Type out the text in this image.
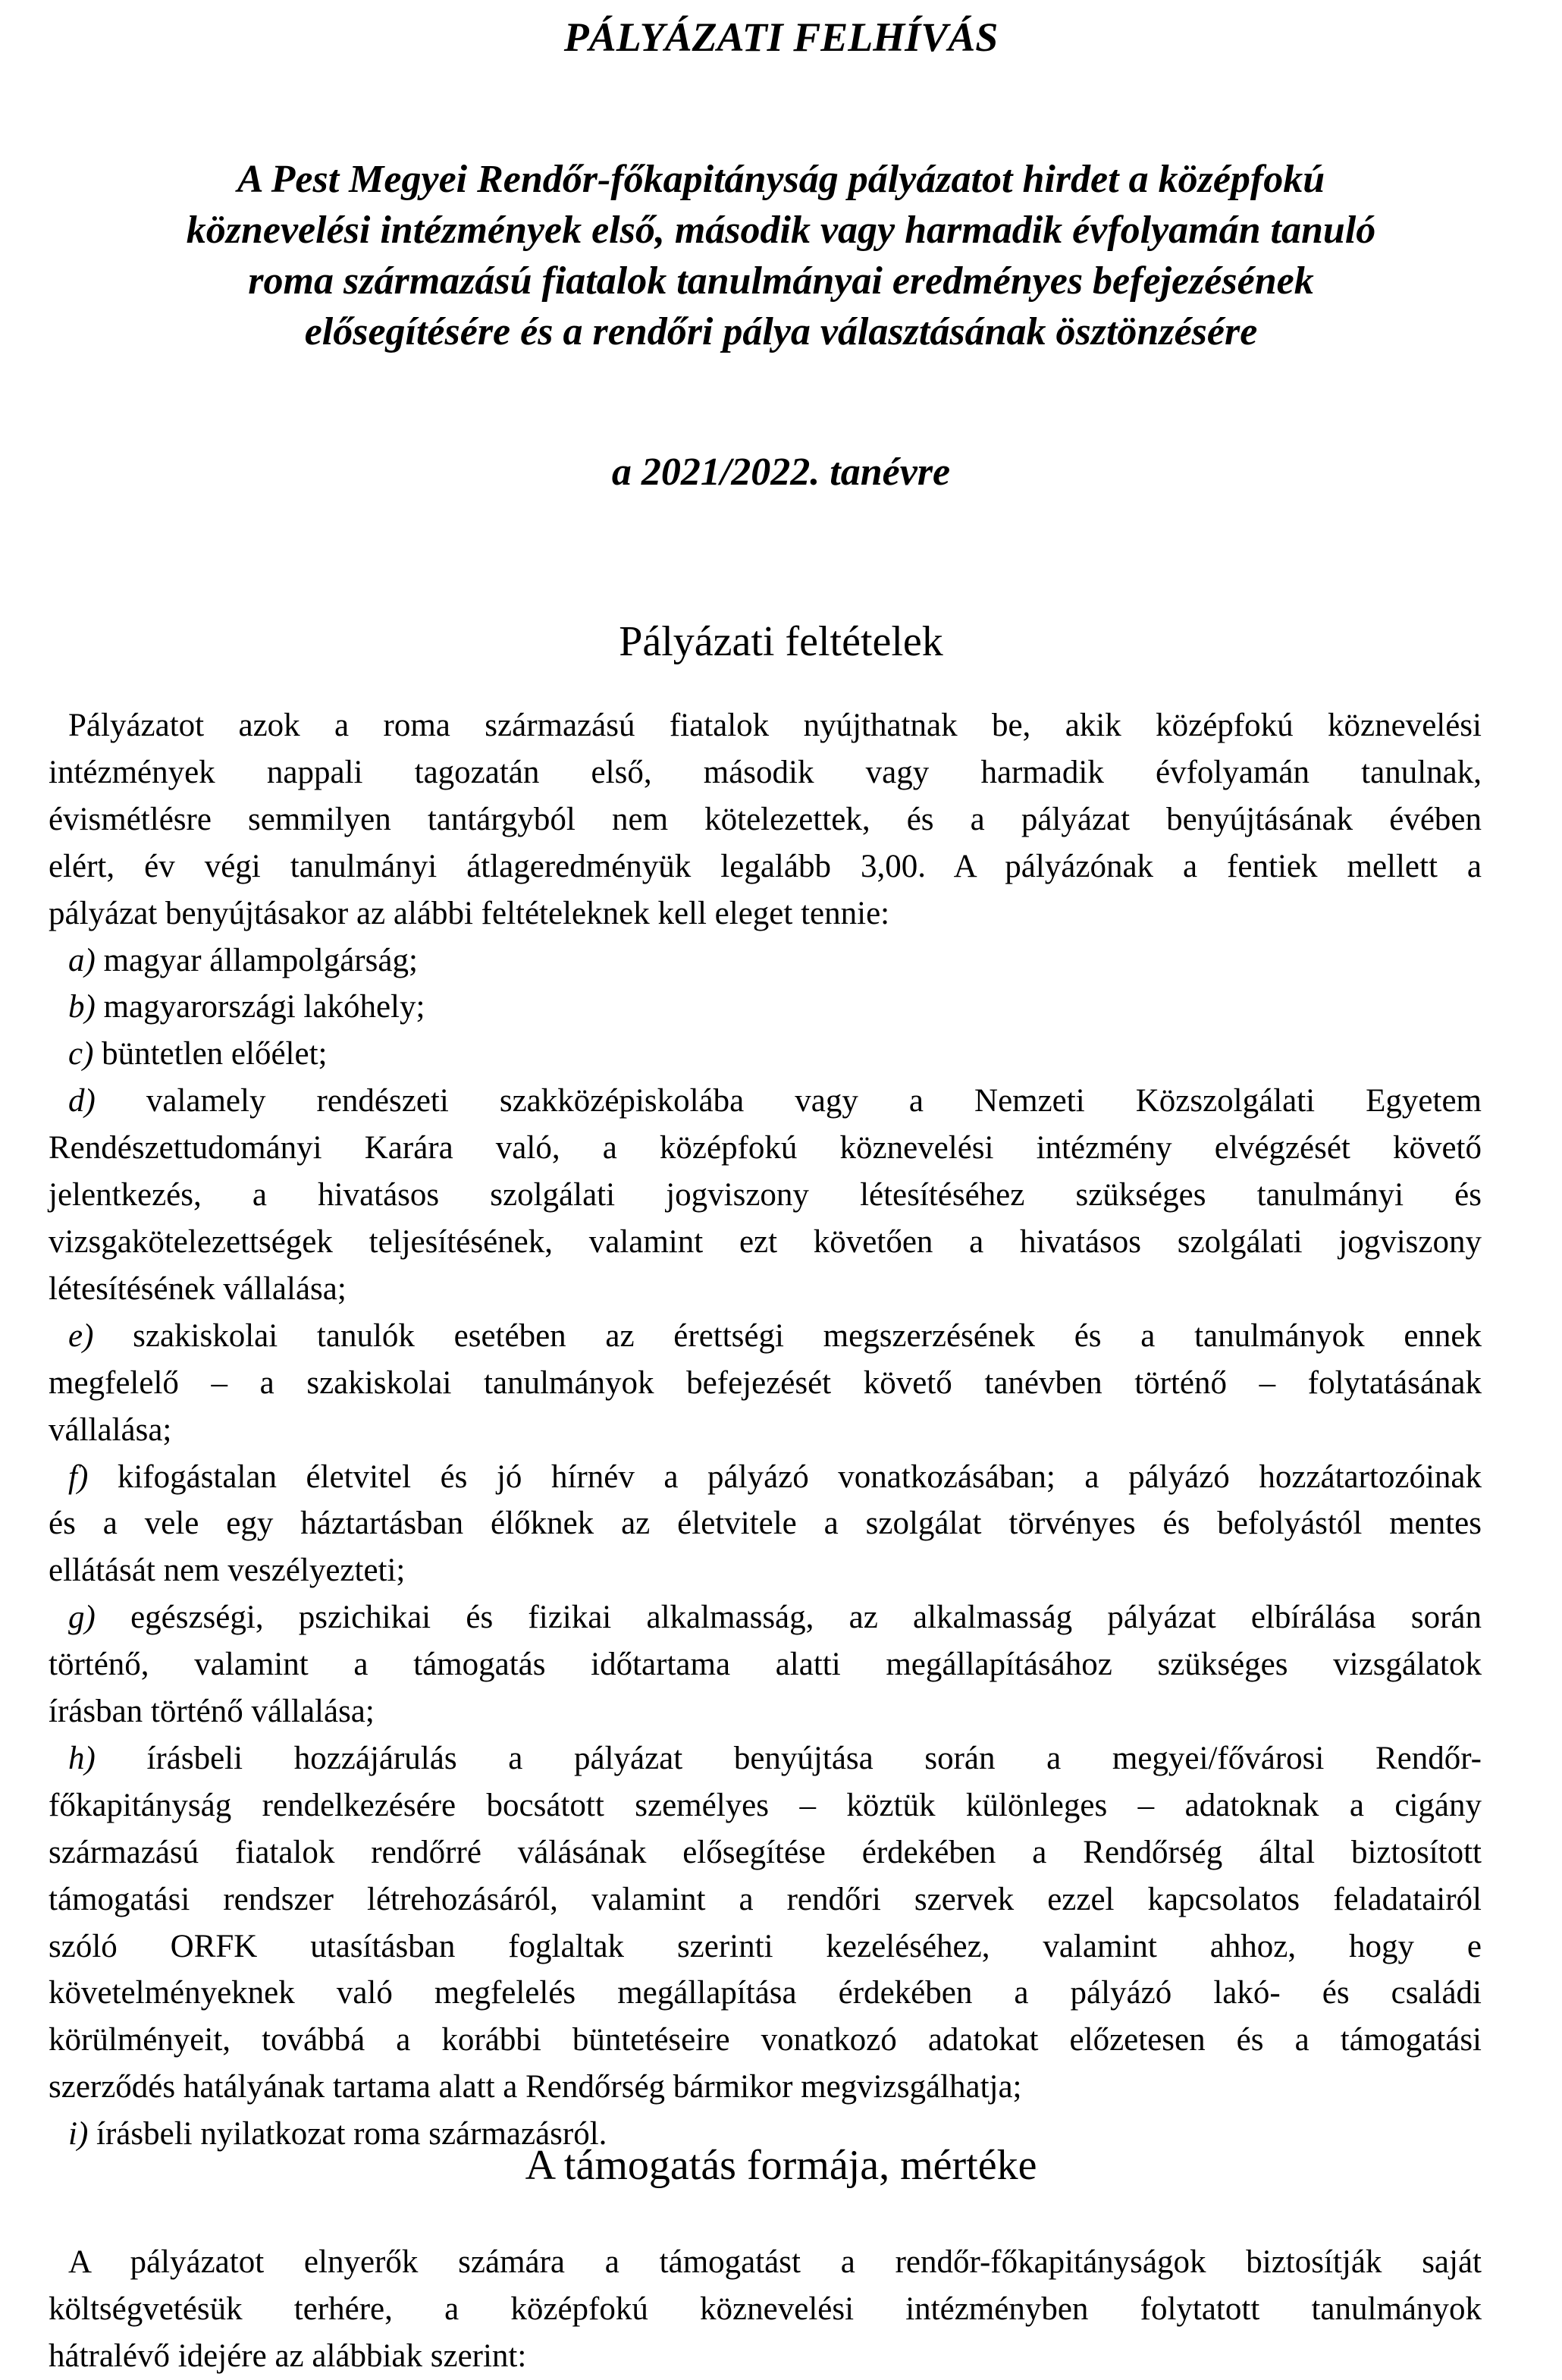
PÁLYÁZATI FELHÍVÁS
A Pest Megyei Rendőr-főkapitányság pályázatot hirdet a középfokú
köznevelési intézmények első, második vagy harmadik évfolyamán tanuló
roma származású fiatalok tanulmányai eredményes befejezésének
elősegítésére és a rendőri pálya választásának ösztönzésére

a 2021/2022. tanévre

Pályázati feltételek
Pályázatot azok a roma származású fiatalok nyújthatnak be, akik középfokú köznevelési
intézmények nappali tagozatán első, második vagy harmadik évfolyamán tanulnak,
évismétlésre semmilyen tantárgyból nem kötelezettek, és a pályázat benyújtásának évében
elért, év végi tanulmányi átlageredményük legalább 3,00. A pályázónak a fentiek mellett a
pályázat benyújtásakor az alábbi feltételeknek kell eleget tennie:
a) magyar állampolgárság;
b) magyarországi lakóhely;
c) büntetlen előélet;
d) valamely rendészeti szakközépiskolába vagy a Nemzeti Közszolgálati Egyetem
Rendészettudományi Karára való, a középfokú köznevelési intézmény elvégzését követő
jelentkezés, a hivatásos szolgálati jogviszony létesítéséhez szükséges tanulmányi és
vizsgakötelezettségek teljesítésének, valamint ezt követően a hivatásos szolgálati jogviszony
létesítésének vállalása;
e) szakiskolai tanulók esetében az érettségi megszerzésének és a tanulmányok ennek
megfelelő – a szakiskolai tanulmányok befejezését követő tanévben történő – folytatásának
vállalása;
f) kifogástalan életvitel és jó hírnév a pályázó vonatkozásában; a pályázó hozzátartozóinak
és a vele egy háztartásban élőknek az életvitele a szolgálat törvényes és befolyástól mentes
ellátását nem veszélyezteti;
g) egészségi, pszichikai és fizikai alkalmasság, az alkalmasság pályázat elbírálása során
történő, valamint a támogatás időtartama alatti megállapításához szükséges vizsgálatok
írásban történő vállalása;
h) írásbeli hozzájárulás a pályázat benyújtása során a megyei/fővárosi Rendőr-
főkapitányság rendelkezésére bocsátott személyes – köztük különleges – adatoknak a cigány
származású fiatalok rendőrré válásának elősegítése érdekében a Rendőrség által biztosított
támogatási rendszer létrehozásáról, valamint a rendőri szervek ezzel kapcsolatos feladatairól
szóló ORFK utasításban foglaltak szerinti kezeléséhez, valamint ahhoz, hogy e
követelményeknek való megfelelés megállapítása érdekében a pályázó lakó- és családi
körülményeit, továbbá a korábbi büntetéseire vonatkozó adatokat előzetesen és a támogatási
szerződés hatályának tartama alatt a Rendőrség bármikor megvizsgálhatja;
i) írásbeli nyilatkozat roma származásról.
A támogatás formája, mértéke
A pályázatot elnyerők számára a támogatást a rendőr-főkapitányságok biztosítják saját
költségvetésük terhére, a középfokú köznevelési intézményben folytatott tanulmányok
hátralévő idejére az alábbiak szerint:
